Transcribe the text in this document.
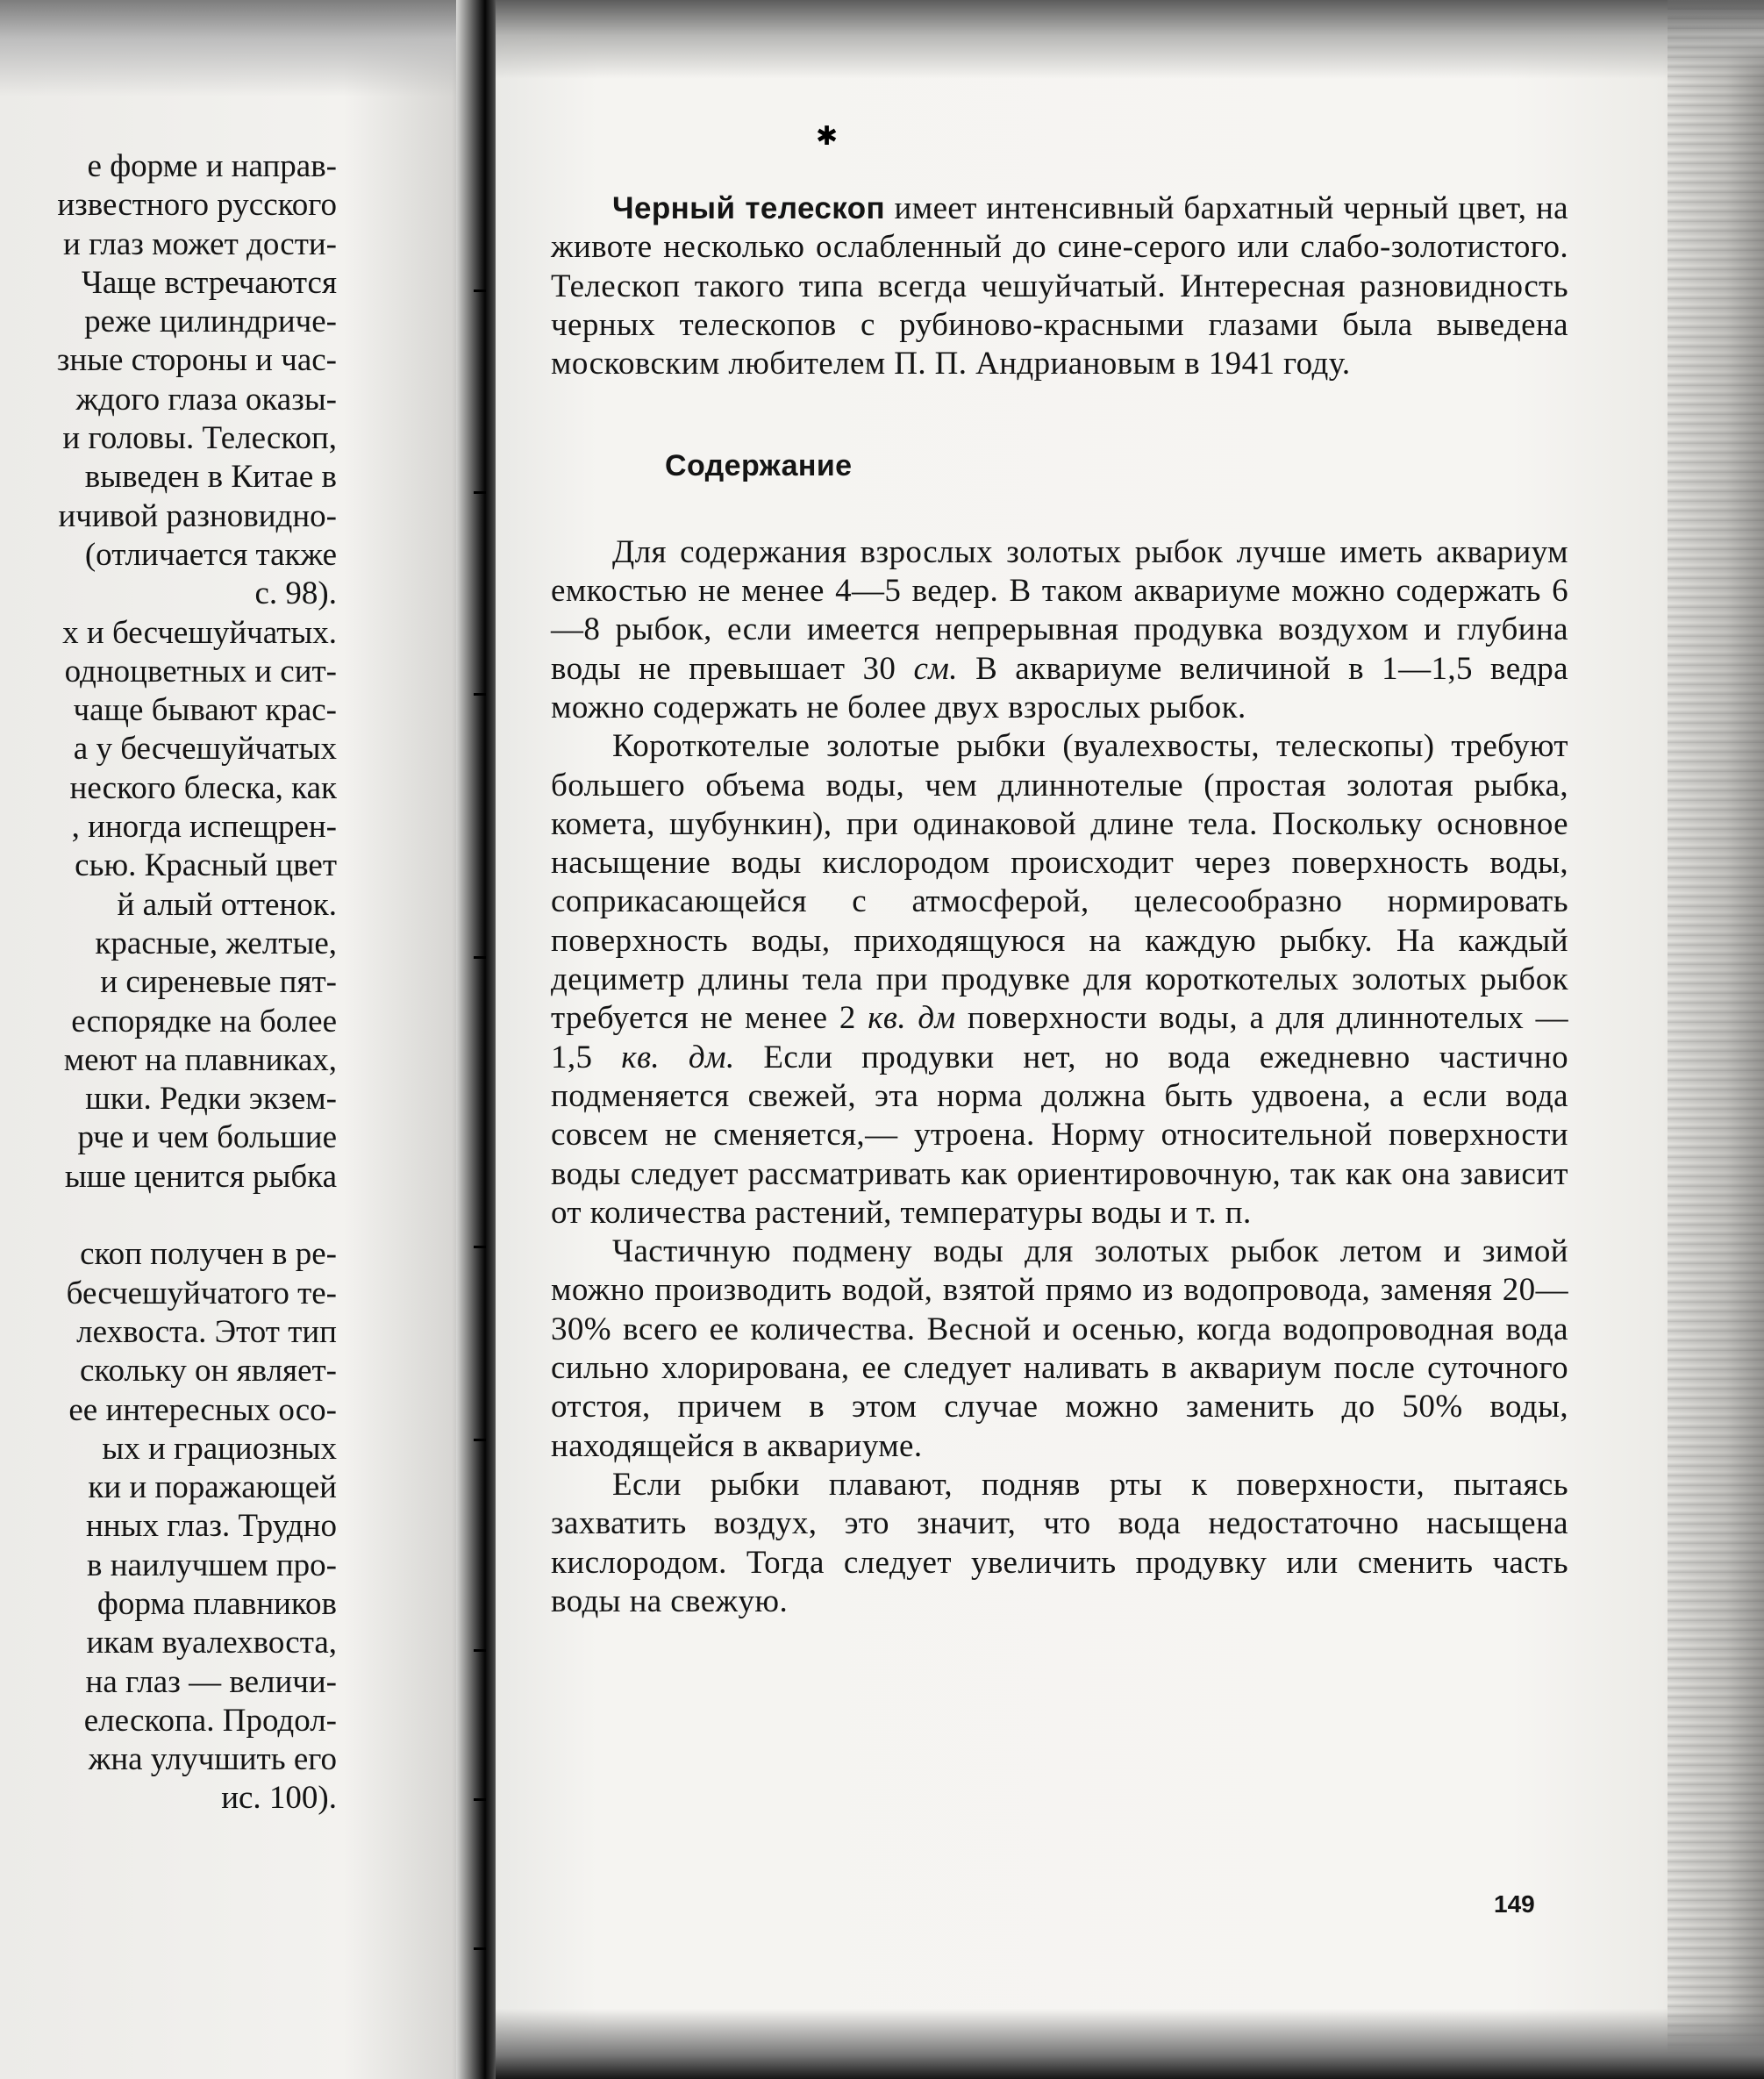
е форме и направ-
известного русского
и глаз может дости-
Чаще встречаются
реже цилиндриче-
зные стороны и час-
ждого глаза оказы-
и головы. Телескоп,
выведен в Китае в
ичивой разновидно-
(отличается также
с. 98).
х и бесчешуйчатых.
одноцветных и сит-
чаще бывают крас-
а у бесчешуйчатых
неского блеска, как
, иногда испещрен-
сью. Красный цвет
й алый оттенок.
красные, желтые,
и сиреневые пят-
еспорядке на более
меют на плавниках,
шки. Редки экзем-
рче и чем большие
ыше ценится рыбка
скоп получен в ре-
бесчешуйчатого те-
лехвоста. Этот тип
скольку он являет-
ее интересных осо-
ых и грациозных
ки и поражающей
нных глаз. Трудно
в наилучшем про-
форма плавников
икам вуалехвоста,
на глаз — величи-
елескопа. Продол-
жна улучшить его
ис. 100).
✱

Черный телескоп имеет интенсивный бархатный черный цвет, на животе несколько ослабленный до сине-серого или слабо-золотистого. Телескоп такого типа всегда чешуйчатый. Интересная разновидность черных телескопов с рубиново-красными глазами была выведена московским любителем П. П. Андриановым в 1941 году.

Содержание

Для содержания взрослых золотых рыбок лучше иметь аквариум емкостью не менее 4—5 ведер. В таком аквариуме можно содержать 6—8 рыбок, если имеется непрерывная продувка воздухом и глубина воды не превышает 30 см. В аквариуме величиной в 1—1,5 ведра можно содержать не более двух взрослых рыбок.

Короткотелые золотые рыбки (вуалехвосты, телескопы) требуют большего объема воды, чем длиннотелые (простая золотая рыбка, комета, шубункин), при одинаковой длине тела. Поскольку основное насыщение воды кислородом происходит через поверхность воды, соприкасающейся с атмосферой, целесообразно нормировать поверхность воды, приходящуюся на каждую рыбку. На каждый дециметр длины тела при продувке для короткотелых золотых рыбок требуется не менее 2 кв. дм поверхности воды, а для длиннотелых — 1,5 кв. дм. Если продувки нет, но вода ежедневно частично подменяется свежей, эта норма должна быть удвоена, а если вода совсем не сменяется,— утроена. Норму относительной поверхности воды следует рассматривать как ориентировочную, так как она зависит от количества растений, температуры воды и т. п.

Частичную подмену воды для золотых рыбок летом и зимой можно производить водой, взятой прямо из водопровода, заменяя 20—30% всего ее количества. Весной и осенью, когда водопроводная вода сильно хлорирована, ее следует наливать в аквариум после суточного отстоя, причем в этом случае можно заменить до 50% воды, находящейся в аквариуме.

Если рыбки плавают, подняв рты к поверхности, пытаясь захватить воздух, это значит, что вода недостаточно насыщена кислородом. Тогда следует увеличить продувку или сменить часть воды на свежую.

149
